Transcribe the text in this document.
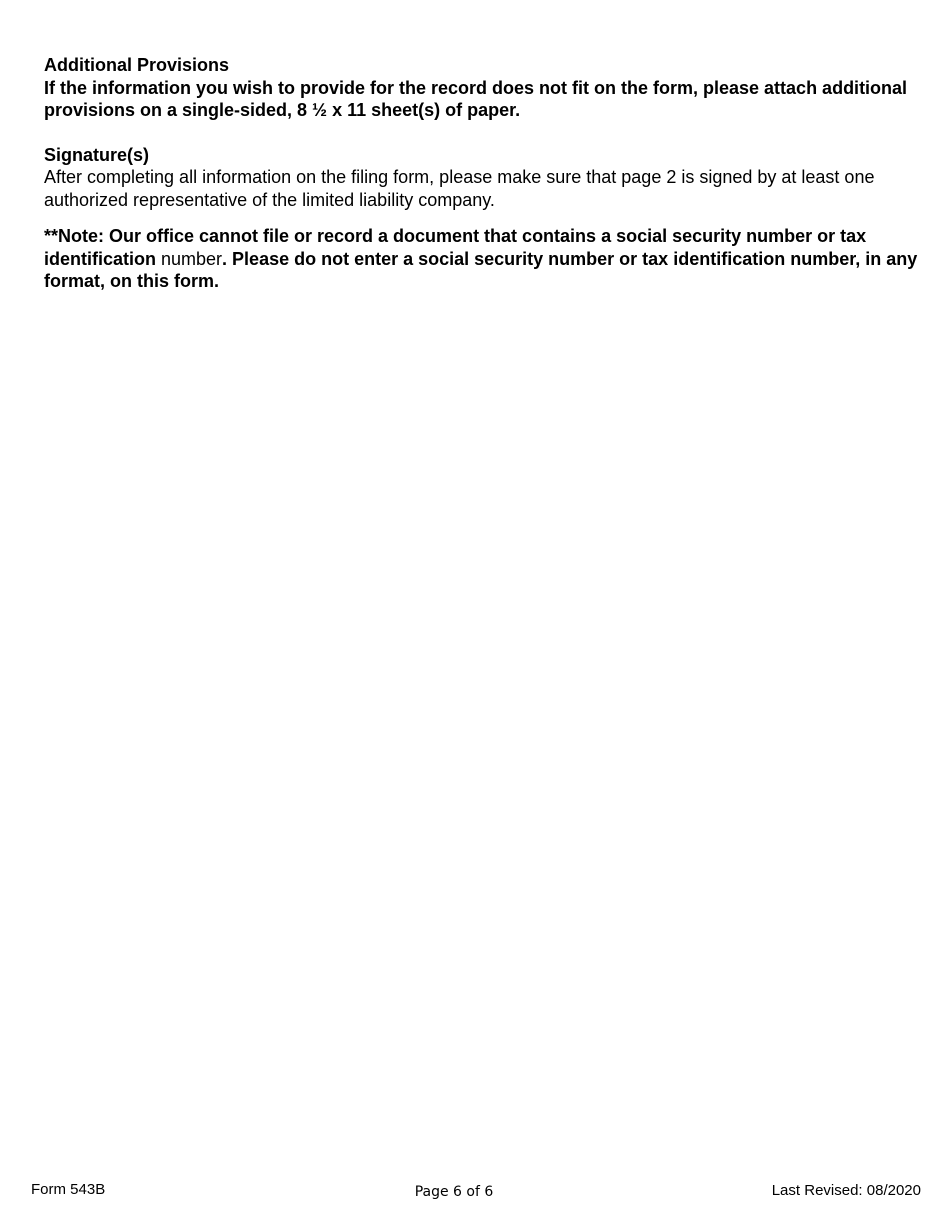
Additional Provisions

If the information you wish to provide for the record does not fit on the form, please attach additional provisions on a single-sided, 8 ½ x 11 sheet(s) of paper.

Signature(s)

After completing all information on the filing form, please make sure that page 2 is signed by at least one authorized representative of the limited liability company.

**Note: Our office cannot file or record a document that contains a social security number or tax identification number. Please do not enter a social security number or tax identification number, in any format, on this form.

Form 543B	Page 6 of 6	Last Revised: 08/2020
